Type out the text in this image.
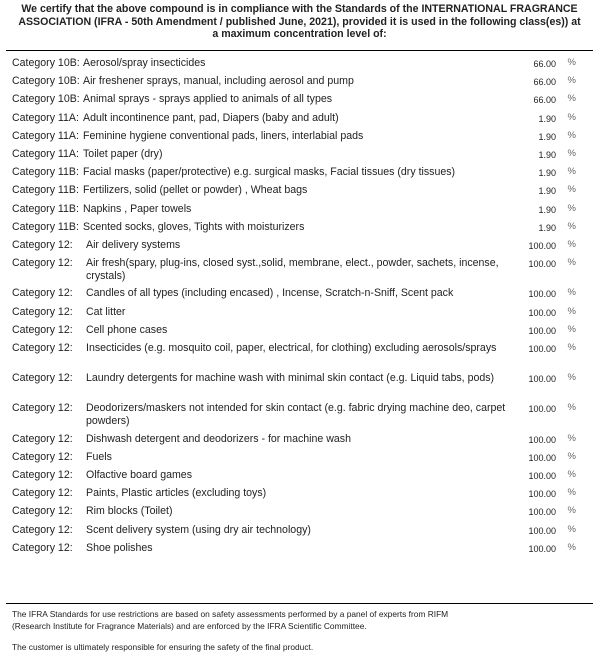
We certify that the above compound is in compliance with the Standards of the INTERNATIONAL FRAGRANCE
ASSOCIATION (IFRA - 50th Amendment / published June, 2021), provided it is used in the following class(es)) at
a maximum concentration level of:
Category 10B: Aerosol/spray insecticides	66.00 %
Category 10B: Air freshener sprays, manual, including aerosol and pump	66.00 %
Category 10B: Animal sprays - sprays applied to animals of all types	66.00 %
Category 11A: Adult incontinence pant, pad, Diapers (baby and adult)	1.90 %
Category 11A: Feminine hygiene conventional pads, liners, interlabial pads	1.90 %
Category 11A: Toilet paper (dry)	1.90 %
Category 11B: Facial masks (paper/protective) e.g. surgical masks, Facial tissues (dry tissues)	1.90 %
Category 11B: Fertilizers, solid (pellet or powder) , Wheat bags	1.90 %
Category 11B: Napkins , Paper towels	1.90 %
Category 11B: Scented socks, gloves, Tights with moisturizers	1.90 %
Category 12: Air delivery systems	100.00 %
Category 12: Air fresh(spary, plug-ins, closed syst.,solid, membrane, elect., powder, sachets, incense, crystals)
100.00 %
Category 12: Candles of all types (including encased) , Incense, Scratch-n-Sniff, Scent pack	100.00 %
Category 12: Cat litter	100.00 %
Category 12: Cell phone cases	100.00 %
Category 12: Insecticides (e.g. mosquito coil, paper, electrical, for clothing) excluding aerosols/sprays	100.00 %
Category 12: Laundry detergents for machine wash with minimal skin contact (e.g. Liquid tabs, pods)	100.00 %
Category 12: Deodorizers/maskers not intended for skin contact (e.g. fabric drying machine deo, carpet powders)
100.00 %
Category 12: Dishwash detergent and deodorizers - for machine wash	100.00 %
Category 12: Fuels	100.00 %
Category 12: Olfactive board games	100.00 %
Category 12: Paints, Plastic articles (excluding toys)	100.00 %
Category 12: Rim blocks (Toilet)	100.00 %
Category 12: Scent delivery system (using dry air technology)	100.00 %
Category 12: Shoe polishes	100.00 %
The IFRA Standards for use restrictions are based on safety assessments performed by a panel of experts from RIFM
(Research Institute for Fragrance Materials) and are enforced by the IFRA Scientific Committee.
The customer is ultimately responsible for ensuring the safety of the final product.
